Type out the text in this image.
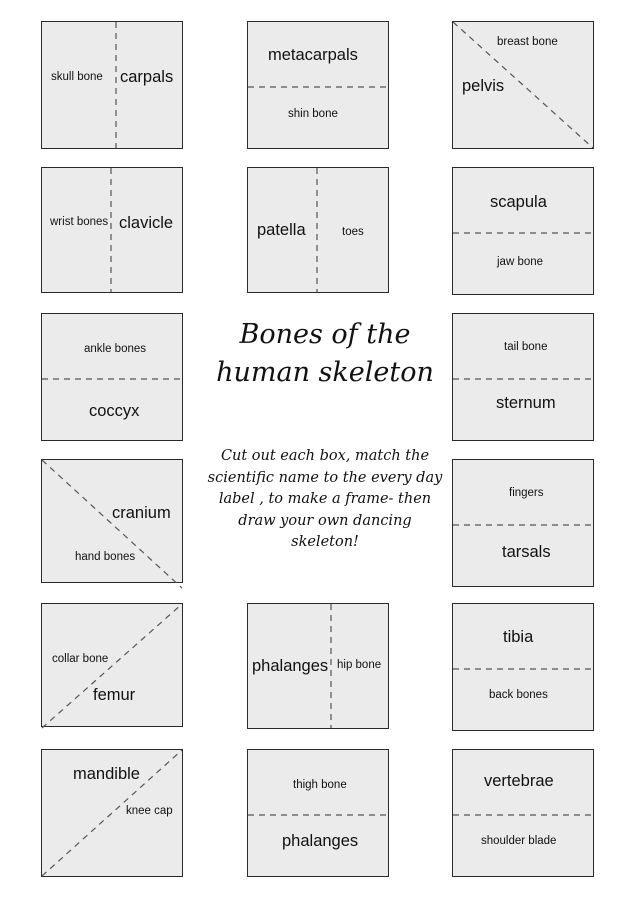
skull bone carpals
metacarpals
shin bone
breast bone
pelvis
wrist bones clavicle	patella	toes
scapula
jaw bone
ankle bones
coccyx
tail bone
sternum
cranium
hand bones
fingers
tarsals
collar bone
femur
phalanges hip bone
tibia
back bones
mandible
knee cap
thigh bone
phalanges
vertebrae
shoulder blade
Bones of the human skeleton
Cut out each box, match the scientific name to the every day label , to make a frame- then draw your own dancing skeleton!
